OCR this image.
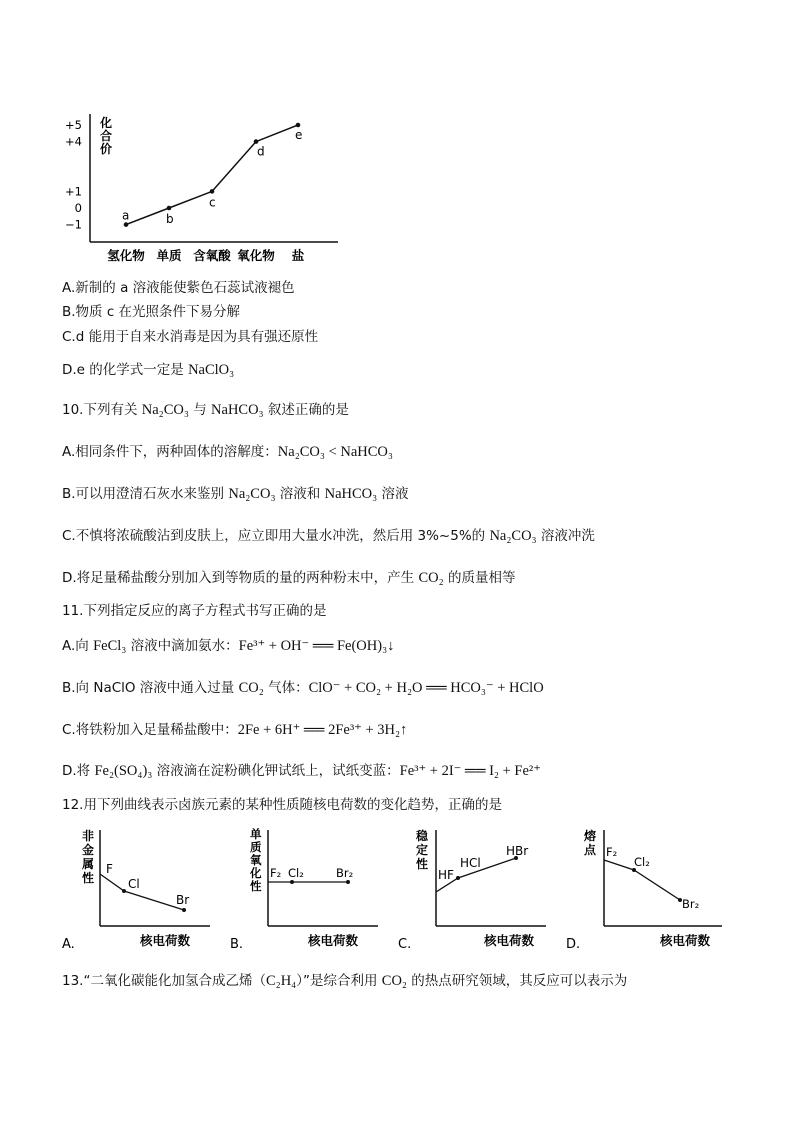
化
合
价
+5
+4
+1
0
−1
a	b
c
d
e
氢化物 单质 含氧酸 氧化物 盐
A.新制的 a 溶液能使紫色石蕊试液褪色
B.物质 c 在光照条件下易分解
C.d 能用于自来水消毒是因为具有强还原性
D.e 的化学式一定是 NaClO₃
10.下列有关 Na₂CO₃ 与 NaHCO₃ 叙述正确的是
A.相同条件下，两种固体的溶解度：Na₂CO₃ < NaHCO₃
B.可以用澄清石灰水来鉴别 Na₂CO₃ 溶液和 NaHCO₃ 溶液
C.不慎将浓硫酸沾到皮肤上，应立即用大量水冲洗，然后用 3%~5%的 Na₂CO₃ 溶液冲洗
D.将足量稀盐酸分别加入到等物质的量的两种粉末中，产生 CO₂ 的质量相等
11.下列指定反应的离子方程式书写正确的是
A.向 FeCl₃ 溶液中滴加氨水：Fe³⁺ + OH⁻ ══ Fe(OH)₃↓
B.向 NaClO 溶液中通入过量 CO₂ 气体：ClO⁻ + CO₂ + H₂O ══ HCO₃⁻ + HClO
C.将铁粉加入足量稀盐酸中：2Fe + 6H⁺ ══ 2Fe³⁺ + 3H₂↑
D.将 Fe₂(SO₄)₃ 溶液滴在淀粉碘化钾试纸上，试纸变蓝：Fe³⁺ + 2I⁻ ══ I₂ + Fe²⁺
12.用下列曲线表示卤族元素的某种性质随核电荷数的变化趋势，正确的是
A.
非
金
属
性
F
Cl
Br
核电荷数	B.
单
质
氧
化
性
F₂ Cl₂	Br₂
核电荷数	C.
稳
定
性
HF
HCl
HBr
核电荷数 D.
熔
点 F₂
Cl₂
Br₂
核电荷数
13.“二氧化碳能化加氢合成乙烯（C₂H₄）”是综合利用 CO₂ 的热点研究领域，其反应可以表示为
